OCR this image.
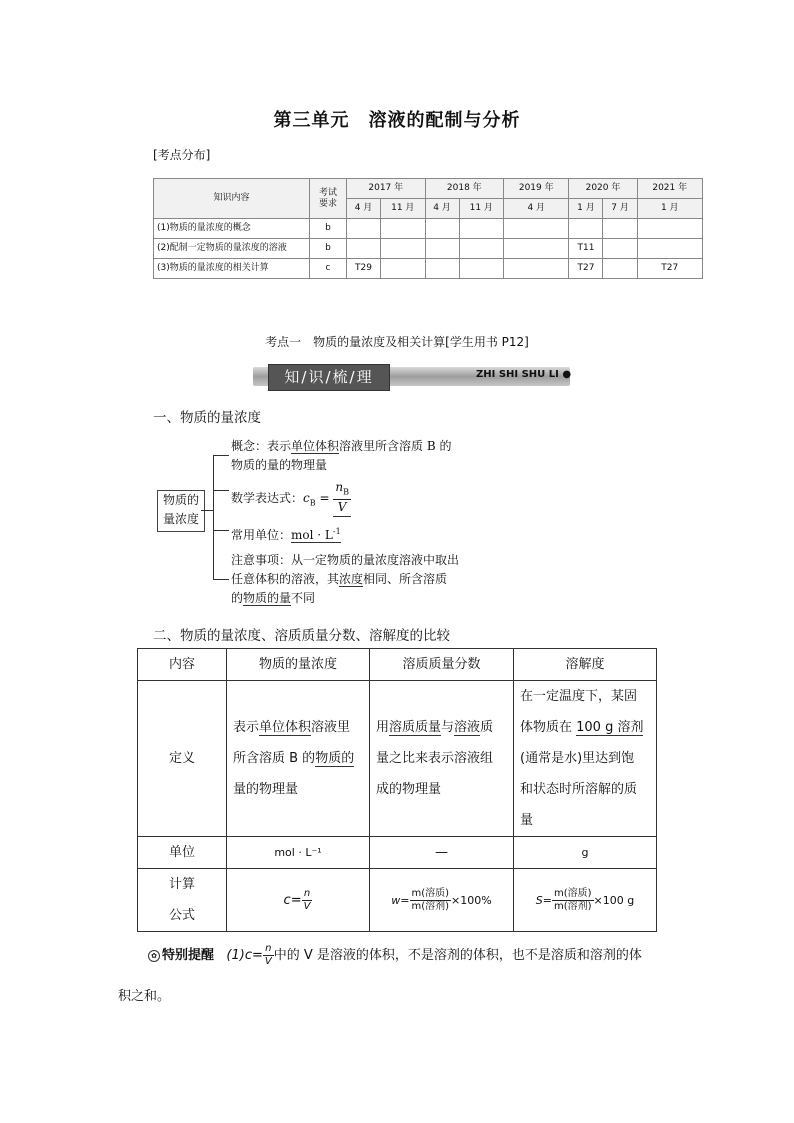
第三单元　溶液的配制与分析
[考点分布]
知识内容	考试
要求	2017 年		2018 年		2019 年	2020 年		2021 年
		4 月	11 月	4 月	11 月	4 月	1 月	7 月	1 月
(1)物质的量浓度的概念	b								
(2)配制一定物质的量浓度的溶液	b						T11		
(3)物质的量浓度的相关计算	c	T29					T27		T27
考点一　物质的量浓度及相关计算[学生用书 P12]
知/识/梳/理	ZHI SHI SHU LI ●
一、物质的量浓度
物质的
量浓度
概念：表示单位体积溶液里所含溶质 B 的
物质的量的物理量
数学表达式：$c_B = \frac{n_B}{V}$
常用单位：mol · $L^{-1}$
注意事项：从一定物质的量浓度溶液中取出
任意体积的溶液，其浓度相同、所含溶质
的物质的量不同
二、物质的量浓度、溶质质量分数、溶解度的比较
内容	物质的量浓度	溶质质量分数	溶解度
定义	表示单位体积溶液里
所含溶质 B 的物质的
量的物理量	用溶质质量与溶液质
量之比来表示溶液组
成的物理量	在一定温度下，某固
体物质在 100 g 溶剂
(通常是水)里达到饱
和状态时所溶解的质
量
单位	mol · L⁻¹	—	g
计算
公式	$c= \frac{n}{V}$	$w= \frac{\text{m(溶质)}}{\text{m(溶剂)}} \times 100\%$	$S= \frac{\text{m(溶质)}}{\text{m(溶剂)}} \times 100$ g
✿ 特别提醒 $(1)c= \frac{n}{V}$ 中的 V 是溶液的体积，不是溶剂的体积，也不是溶质和溶剂的体
积之和。
